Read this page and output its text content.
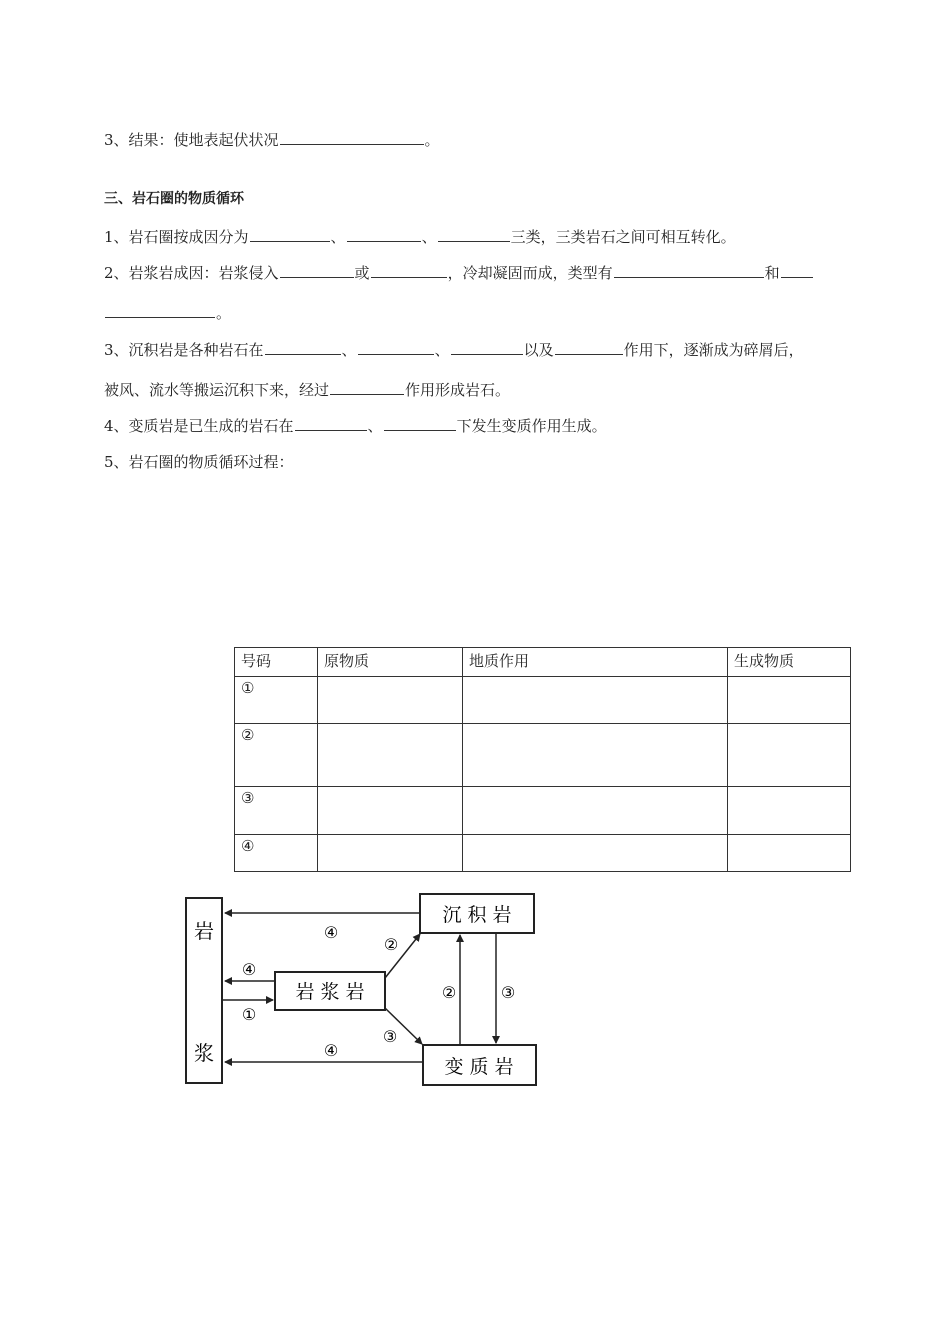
3、结果：使地表起伏状况	。
三、岩石圈的物质循环
1、岩石圈按成因分为	、	、	三类，三类岩石之间可相互转化。
2、岩浆岩成因：岩浆侵入	或	，冷却凝固而成，类型有	和
。
3、沉积岩是各种岩石在	、	、	以及	作用下，逐渐成为碎屑后，
被风、流水等搬运沉积下来，经过	作用形成岩石。
4、变质岩是已生成的岩石在	、	下发生变质作用生成。
5、岩石圈的物质循环过程：
号码	原物质	地质作用	生成物质
①			
②			
③			
④			
岩
浆
岩 浆 岩
沉 积 岩
变 质 岩
④
②
④
①
③
④
②	③
